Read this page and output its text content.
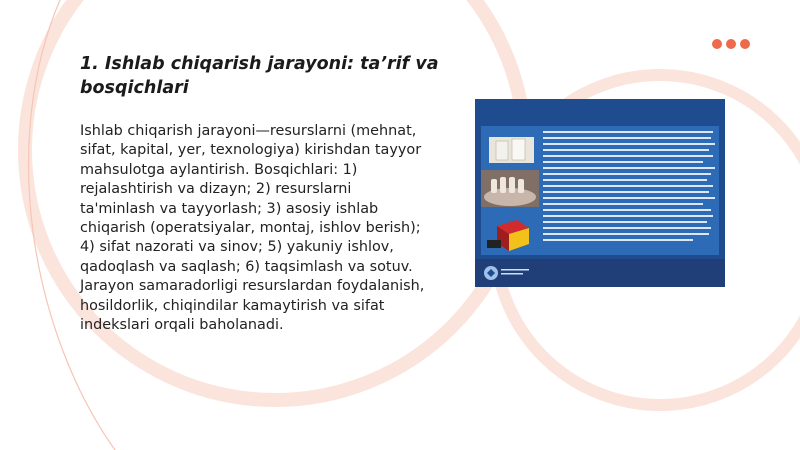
1. Ishlab chiqarish jarayoni: ta’rif va bosqichlari

Ishlab chiqarish jarayoni—resurslarni (mehnat, sifat, kapital, yer, texnologiya) kirishdan tayyor mahsulotga aylantirish. Bosqichlari: 1) rejalashtirish va dizayn; 2) resurslarni ta'minlash va tayyorlash; 3) asosiy ishlab chiqarish (operatsiyalar, montaj, ishlov berish); 4) sifat nazorati va sinov; 5) yakuniy ishlov, qadoqlash va saqlash; 6) taqsimlash va sotuv. Jarayon samaradorligi resurslardan foydalanish, hosildorlik, chiqindilar kamaytirish va sifat indekslari orqali baholanadi.
